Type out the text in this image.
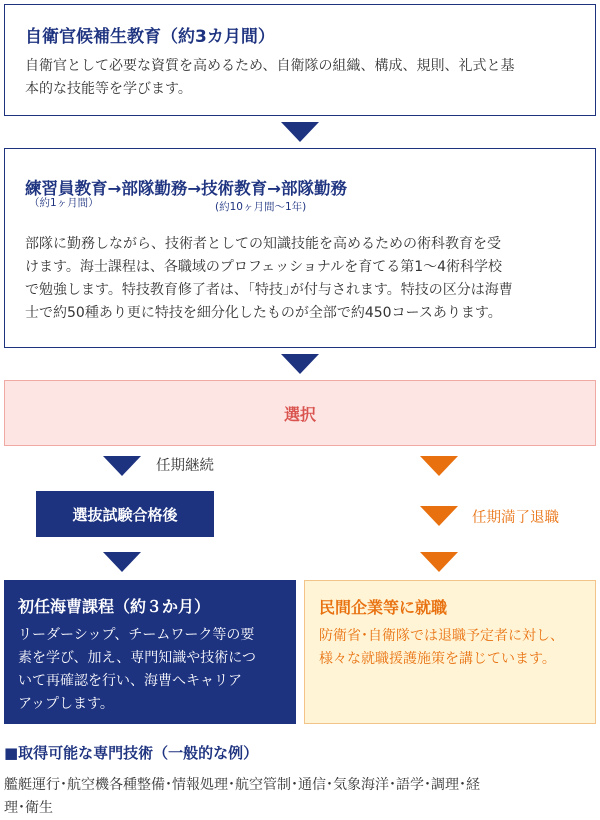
自衛官候補生教育（約3カ月間）
自衛官として必要な資質を高めるため、自衛隊の組織、構成、規則、礼式と基
本的な技能等を学びます。
練習員教育→部隊勤務→技術教育→部隊勤務
（約1ヶ月間）	(約10ヶ月間〜1年)
部隊に勤務しながら、技術者としての知識技能を高めるための術科教育を受
けます。海士課程は、各職域のプロフェッショナルを育てる第1〜4術科学校
で勉強します。特技教育修了者は、｢特技｣が付与されます。特技の区分は海曹
士で約50種あり更に特技を細分化したものが全部で約450コースあります。
選択
任期継続
選抜試験合格後	任期満了退職
初任海曹課程（約３か月）
リーダーシップ、チームワーク等の要
素を学び、加え、専門知識や技術につ
いて再確認を行い、海曹へキャリア
アップします。
民間企業等に就職
防衛省･自衛隊では退職予定者に対し、
様々な就職援護施策を講じています。
■取得可能な専門技術（一般的な例）
艦艇運行･航空機各種整備･情報処理･航空管制･通信･気象海洋･語学･調理･経
理･衛生
